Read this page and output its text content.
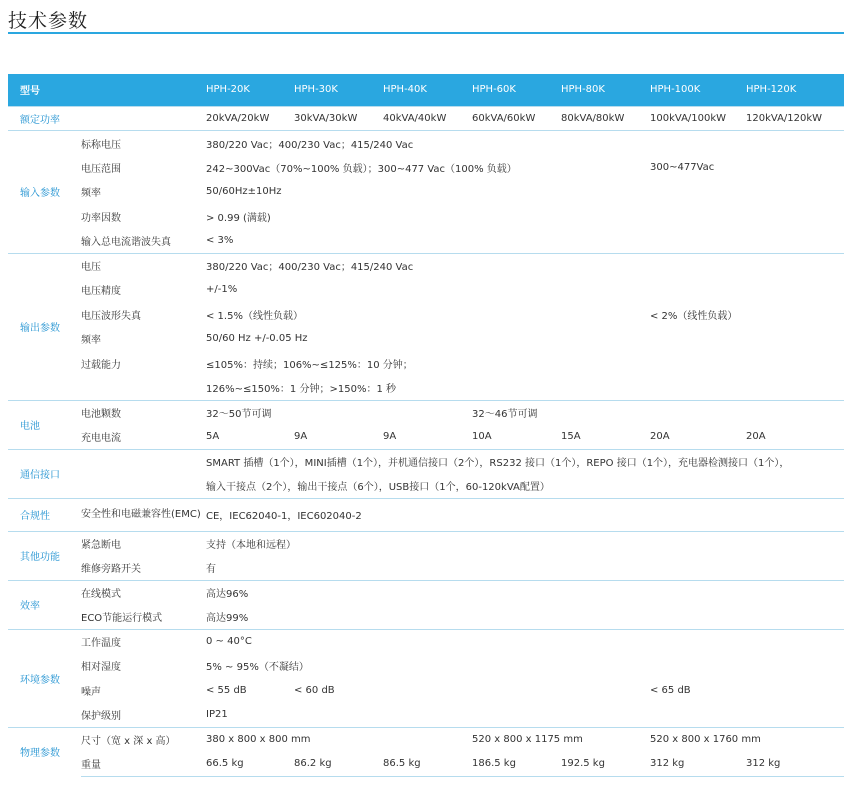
技术参数
型号		HPH-20K	HPH-30K	HPH-40K	HPH-60K	HPH-80K	HPH-100K	HPH-120K
额定功率		20kVA/20kW	30kVA/30kW	40kVA/40kW	60kVA/60kW	80kVA/80kW	100kVA/100kW	120kVA/120kW
输入参数	标称电压	380/220 Vac；400/230 Vac；415/240 Vac						
	电压范围	242~300Vac（70%~100% 负载）；300~477 Vac（100% 负载）					300~477Vac	
	频率	50/60Hz±10Hz						
	功率因数	> 0.99 (满载)						
	输入总电流谐波失真	< 3%						
输出参数	电压	380/220 Vac；400/230 Vac；415/240 Vac						
	电压精度	+/-1%						
	电压波形失真	< 1.5%（线性负载）					< 2%（线性负载）	
	频率	50/60 Hz +/-0.05 Hz						
	过载能力	≤105%：持续；106%~≤125%：10 分钟；						
		126%~≤150%：1 分钟；>150%：1 秒						
电池	电池颗数	32～50节可调			32～46节可调			
	充电电流	5A	9A	9A	10A	15A	20A	20A
通信接口		SMART 插槽（1个），MINI插槽（1个），并机通信接口（2个），RS232 接口（1个），REPO 接口（1个），充电器检测接口（1个），						
		输入干接点（2个），输出干接点（6个），USB接口（1个，60-120kVA配置）						
合规性	安全性和电磁兼容性(EMC)	CE，IEC62040-1，IEC602040-2						
其他功能	紧急断电	支持（本地和远程）						
	维修旁路开关	有						
效率	在线模式	高达96%						
	ECO节能运行模式	高达99%						
环境参数	工作温度	0 ~ 40°C						
	相对湿度	5% ~ 95%（不凝结）						
	噪声	< 55 dB	< 60 dB				< 65 dB	
	保护级别	IP21						
物理参数	尺寸（宽 x 深 x 高）	380 x 800 x 800 mm			520 x 800 x 1175 mm		520 x 800 x 1760 mm	
	重量	66.5 kg	86.2 kg	86.5 kg	186.5 kg	192.5 kg	312 kg	312 kg
